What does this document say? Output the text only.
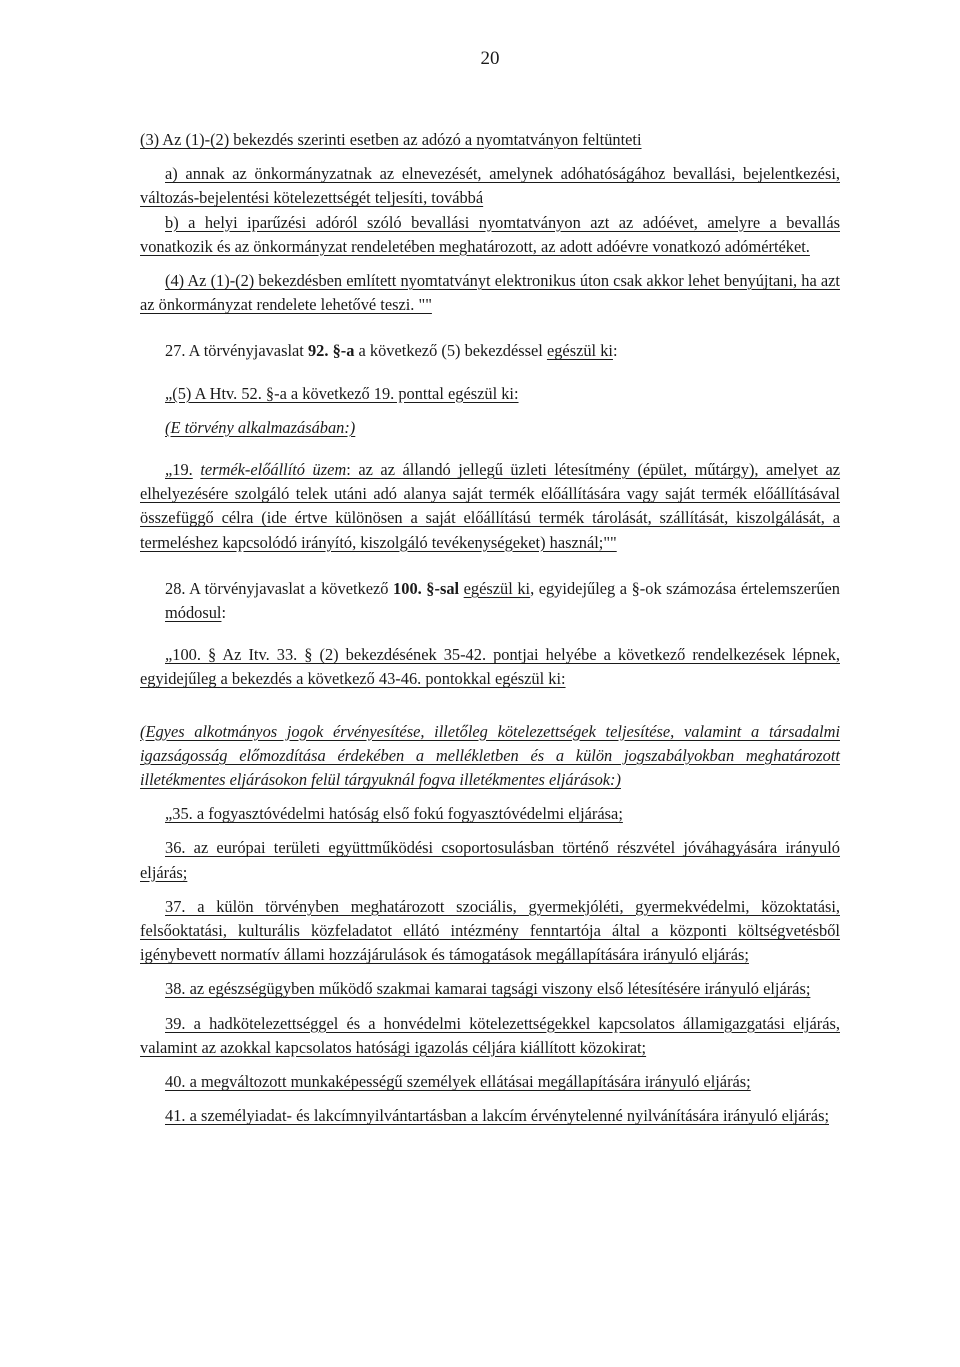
20

(3) Az (1)-(2) bekezdés szerinti esetben az adózó a nyomtatványon feltünteti

a) annak az önkormányzatnak az elnevezését, amelynek adóhatóságához bevallási, bejelentkezési, változás-bejelentési kötelezettségét teljesíti, továbbá

b) a helyi iparűzési adóról szóló bevallási nyomtatványon azt az adóévet, amelyre a bevallás vonatkozik és az önkormányzat rendeletében meghatározott, az adott adóévre vonatkozó adómértéket.

(4) Az (1)-(2) bekezdésben említett nyomtatványt elektronikus úton csak akkor lehet benyújtani, ha azt az önkormányzat rendelete lehetővé teszi. ""

27. A törvényjavaslat 92. §-a a következő (5) bekezdéssel egészül ki:

„(5) A Htv. 52. §-a a következő 19. ponttal egészül ki:

(E törvény alkalmazásában:)

„19. termék-előállító üzem: az az állandó jellegű üzleti létesítmény (épület, műtárgy), amelyet az elhelyezésére szolgáló telek utáni adó alanya saját termék előállítására vagy saját termék előállításával összefüggő célra (ide értve különösen a saját előállítású termék tárolását, szállítását, kiszolgálását, a termeléshez kapcsolódó irányító, kiszolgáló tevékenységeket) használ;""

28. A törvényjavaslat a következő 100. §-sal egészül ki, egyidejűleg a §-ok számozása értelemszerűen módosul:

„100. § Az Itv. 33. § (2) bekezdésének 35-42. pontjai helyébe a következő rendelkezések lépnek, egyidejűleg a bekezdés a következő 43-46. pontokkal egészül ki:

(Egyes alkotmányos jogok érvényesítése, illetőleg kötelezettségek teljesítése, valamint a társadalmi igazságosság előmozdítása érdekében a mellékletben és a külön jogszabályokban meghatározott illetékmentes eljárásokon felül tárgyuknál fogva illetékmentes eljárások:)

„35. a fogyasztóvédelmi hatóság első fokú fogyasztóvédelmi eljárása;

36. az európai területi együttműködési csoportosulásban történő részvétel jóváhagyására irányuló eljárás;

37. a külön törvényben meghatározott szociális, gyermekjóléti, gyermekvédelmi, közoktatási, felsőoktatási, kulturális közfeladatot ellátó intézmény fenntartója által a központi költségvetésből igénybevett normatív állami hozzájárulások és támogatások megállapítására irányuló eljárás;

38. az egészségügyben működő szakmai kamarai tagsági viszony első létesítésére irányuló eljárás;

39. a hadkötelezettséggel és a honvédelmi kötelezettségekkel kapcsolatos államigazgatási eljárás, valamint az azokkal kapcsolatos hatósági igazolás céljára kiállított közokirat;

40. a megváltozott munkaképességű személyek ellátásai megállapítására irányuló eljárás;

41. a személyiadat- és lakcímnyilvántartásban a lakcím érvénytelenné nyilvánítására irányuló eljárás;
